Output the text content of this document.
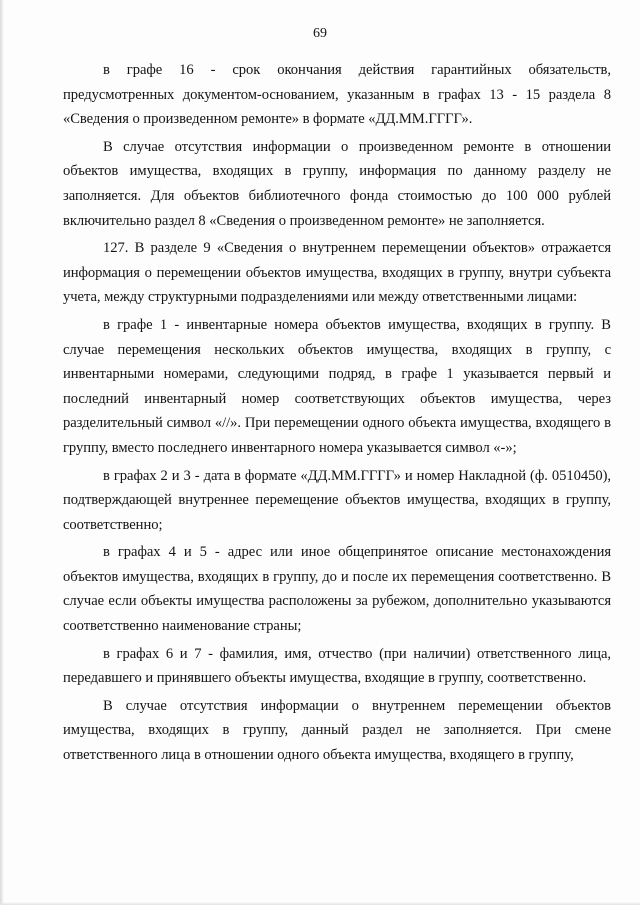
69

в графе 16 - срок окончания действия гарантийных обязательств, предусмотренных документом-основанием, указанным в графах 13 - 15 раздела 8 «Сведения о произведенном ремонте» в формате «ДД.ММ.ГГГГ».

В случае отсутствия информации о произведенном ремонте в отношении объектов имущества, входящих в группу, информация по данному разделу не заполняется. Для объектов библиотечного фонда стоимостью до 100 000 рублей включительно раздел 8 «Сведения о произведенном ремонте» не заполняется.

127. В разделе 9 «Сведения о внутреннем перемещении объектов» отражается информация о перемещении объектов имущества, входящих в группу, внутри субъекта учета, между структурными подразделениями или между ответственными лицами:

в графе 1 - инвентарные номера объектов имущества, входящих в группу. В случае перемещения нескольких объектов имущества, входящих в группу, с инвентарными номерами, следующими подряд, в графе 1 указывается первый и последний инвентарный номер соответствующих объектов имущества, через разделительный символ «//». При перемещении одного объекта имущества, входящего в группу, вместо последнего инвентарного номера указывается символ «-»;

в графах 2 и 3 - дата в формате «ДД.ММ.ГГГГ» и номер Накладной (ф. 0510450), подтверждающей внутреннее перемещение объектов имущества, входящих в группу, соответственно;

в графах 4 и 5 - адрес или иное общепринятое описание местонахождения объектов имущества, входящих в группу, до и после их перемещения соответственно. В случае если объекты имущества расположены за рубежом, дополнительно указываются соответственно наименование страны;

в графах 6 и 7 - фамилия, имя, отчество (при наличии) ответственного лица, передавшего и принявшего объекты имущества, входящие в группу, соответственно.

В случае отсутствия информации о внутреннем перемещении объектов имущества, входящих в группу, данный раздел не заполняется. При смене ответственного лица в отношении одного объекта имущества, входящего в группу,
